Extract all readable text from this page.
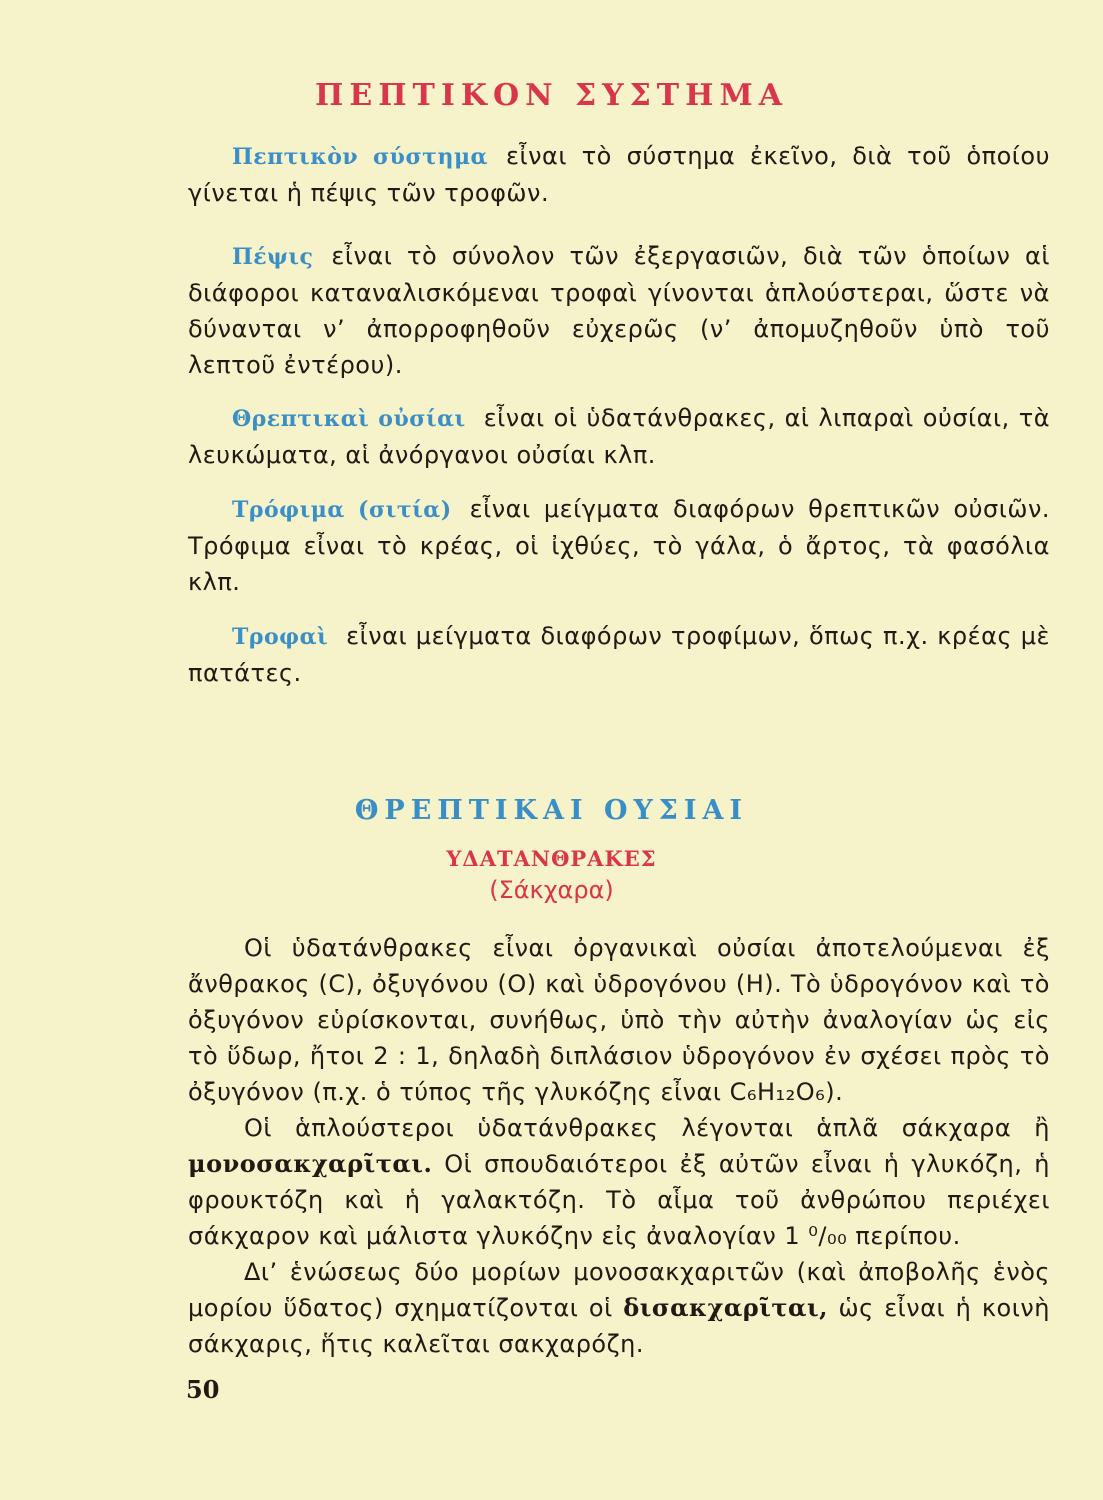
ΠΕΠΤΙΚΟΝ ΣΥΣΤΗΜΑ
Πεπτικὸν σύστημα εἶναι τὸ σύστημα ἐκεῖνο, διὰ τοῦ ὁποίου γίνεται ἡ πέψις τῶν τροφῶν.
Πέψις εἶναι τὸ σύνολον τῶν ἐξεργασιῶν, διὰ τῶν ὁποίων αἱ διάφοροι καταναλισκόμεναι τροφαὶ γίνονται ἁπλούστεραι, ὥστε νὰ δύνανται ν’ ἀπορροφηθοῦν εὐχερῶς (ν’ ἀπομυζηθοῦν ὑπὸ τοῦ λεπτοῦ ἐντέρου).
Θρεπτικαὶ οὐσίαι εἶναι οἱ ὑδατάνθρακες, αἱ λιπαραὶ οὐσίαι, τὰ λευκώματα, αἱ ἀνόργανοι οὐσίαι κλπ.
Τρόφιμα (σιτία) εἶναι μείγματα διαφόρων θρεπτικῶν οὐσιῶν. Τρόφιμα εἶναι τὸ κρέας, οἱ ἰχθύες, τὸ γάλα, ὁ ἄρτος, τὰ φασόλια κλπ.
Τροφαὶ εἶναι μείγματα διαφόρων τροφίμων, ὅπως π.χ. κρέας μὲ πατάτες.
ΘΡΕΠΤΙΚΑΙ ΟΥΣΙΑΙ
ΥΔΑΤΑΝΘΡΑΚΕΣ
(Σάκχαρα)

Οἱ ὑδατάνθρακες εἶναι ὀργανικαὶ οὐσίαι ἀποτελούμεναι ἐξ ἄνθρακος (C), ὀξυγόνου (O) καὶ ὑδρογόνου (H). Τὸ ὑδρογόνον καὶ τὸ ὀξυγόνον εὑρίσκονται, συνήθως, ὑπὸ τὴν αὐτὴν ἀναλογίαν ὡς εἰς τὸ ὕδωρ, ἤτοι 2 : 1, δηλαδὴ διπλάσιον ὑδρογόνον ἐν σχέσει πρὸς τὸ ὀξυγόνον (π.χ. ὁ τύπος τῆς γλυκόζης εἶναι C₆H₁₂O₆).

Οἱ ἁπλούστεροι ὑδατάνθρακες λέγονται ἁπλᾶ σάκχαρα ἢ μονοσακχαρῖται. Οἱ σπουδαιότεροι ἐξ αὐτῶν εἶναι ἡ γλυκόζη, ἡ φρουκτόζη καὶ ἡ γαλακτόζη. Τὸ αἷμα τοῦ ἀνθρώπου περιέχει σάκχαρον καὶ μάλιστα γλυκόζην εἰς ἀναλογίαν 1 ⁰/₀₀ περίπου.

Δι’ ἑνώσεως δύο μορίων μονοσακχαριτῶν (καὶ ἀποβολῆς ἑνὸς μορίου ὕδατος) σχηματίζονται οἱ δισακχαρῖται, ὡς εἶναι ἡ κοινὴ σάκχαρις, ἥτις καλεῖται σακχαρόζη.

50
